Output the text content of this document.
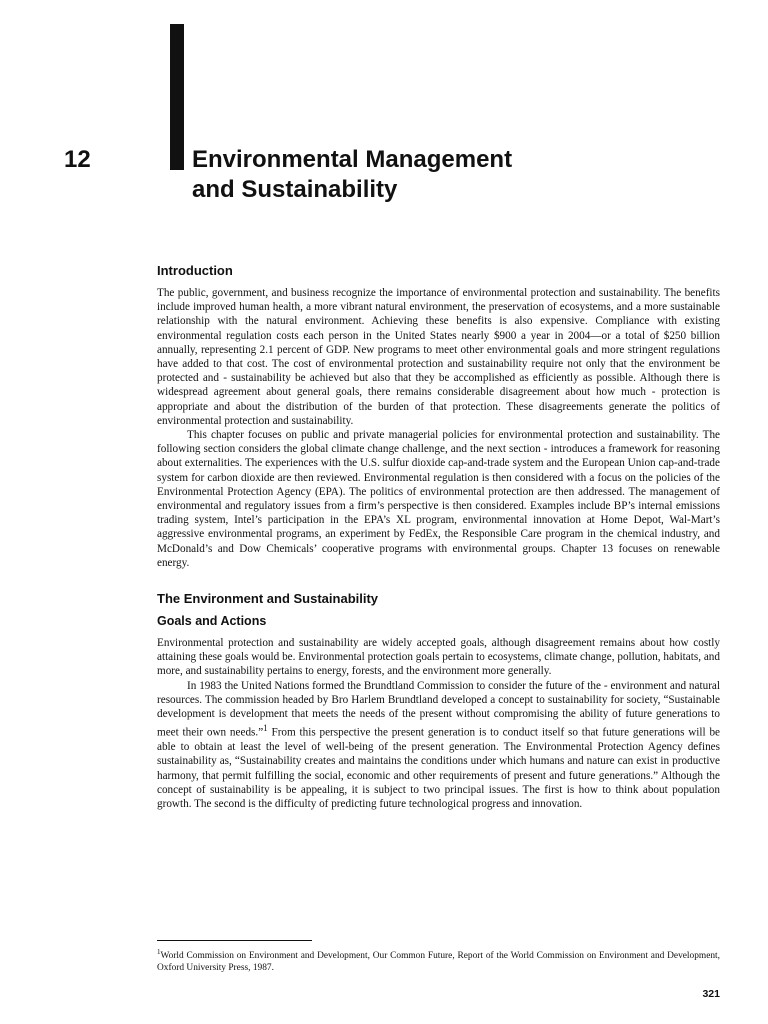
12	Environmental Management
and Sustainability
Introduction

The public, government, and business recognize the importance of environmental protection and sustainability. The benefits include improved human health, a more vibrant natural environment, the preservation of ecosystems, and a more sustainable relationship with the natural environment. Achieving these benefits is also expensive. Compliance with existing environmental regulation costs each person in the United States nearly $900 a year in 2004—or a total of $250 billion annually, representing 2.1 percent of GDP. New programs to meet other environmental goals and more stringent regulations have added to that cost. The cost of environmental protection and sustainability require not only that the environment be protected and - sustainability be achieved but also that they be accomplished as efficiently as possible. Although there is widespread agreement about general goals, there remains considerable disagreement about how much - protection is appropriate and about the distribution of the burden of that protection. These disagreements generate the politics of environmental protection and sustainability.

This chapter focuses on public and private managerial policies for environmental protection and sustainability. The following section considers the global climate change challenge, and the next section - introduces a framework for reasoning about externalities. The experiences with the U.S. sulfur dioxide cap-and-trade system and the European Union cap-and-trade system for carbon dioxide are then reviewed. Environmental regulation is then considered with a focus on the policies of the Environmental Protection Agency (EPA). The politics of environmental protection are then addressed. The management of environmental and regulatory issues from a firm’s perspective is then considered. Examples include BP’s internal emissions trading system, Intel’s participation in the EPA’s XL program, environmental innovation at Home Depot, Wal-Mart’s aggressive environmental programs, an experiment by FedEx, the Responsible Care program in the chemical industry, and McDonald’s and Dow Chemicals’ cooperative programs with environmental groups. Chapter 13 focuses on renewable energy.

The Environment and Sustainability
Goals and Actions

Environmental protection and sustainability are widely accepted goals, although disagreement remains about how costly attaining these goals would be. Environmental protection goals pertain to ecosystems, climate change, pollution, habitats, and more, and sustainability pertains to energy, forests, and the environment more generally.

In 1983 the United Nations formed the Brundtland Commission to consider the future of the - environment and natural resources. The commission headed by Bro Harlem Brundtland developed a concept to sustainability for society, “Sustainable development is development that meets the needs of the present without compromising the ability of future generations to meet their own needs.”$^1$ From this perspective the present generation is to conduct itself so that future generations will be able to obtain at least the level of well-being of the present generation. The Environmental Protection Agency defines sustainability as, “Sustainability creates and maintains the conditions under which humans and nature can exist in productive harmony, that permit fulfilling the social, economic and other requirements of present and future generations.” Although the concept of sustainability is be appealing, it is subject to two principal issues. The first is how to think about population growth. The second is the difficulty of predicting future technological progress and innovation.

$^1$World Commission on Environment and Development, Our Common Future, Report of the World Commission on Environment and Development, Oxford University Press, 1987.
321
